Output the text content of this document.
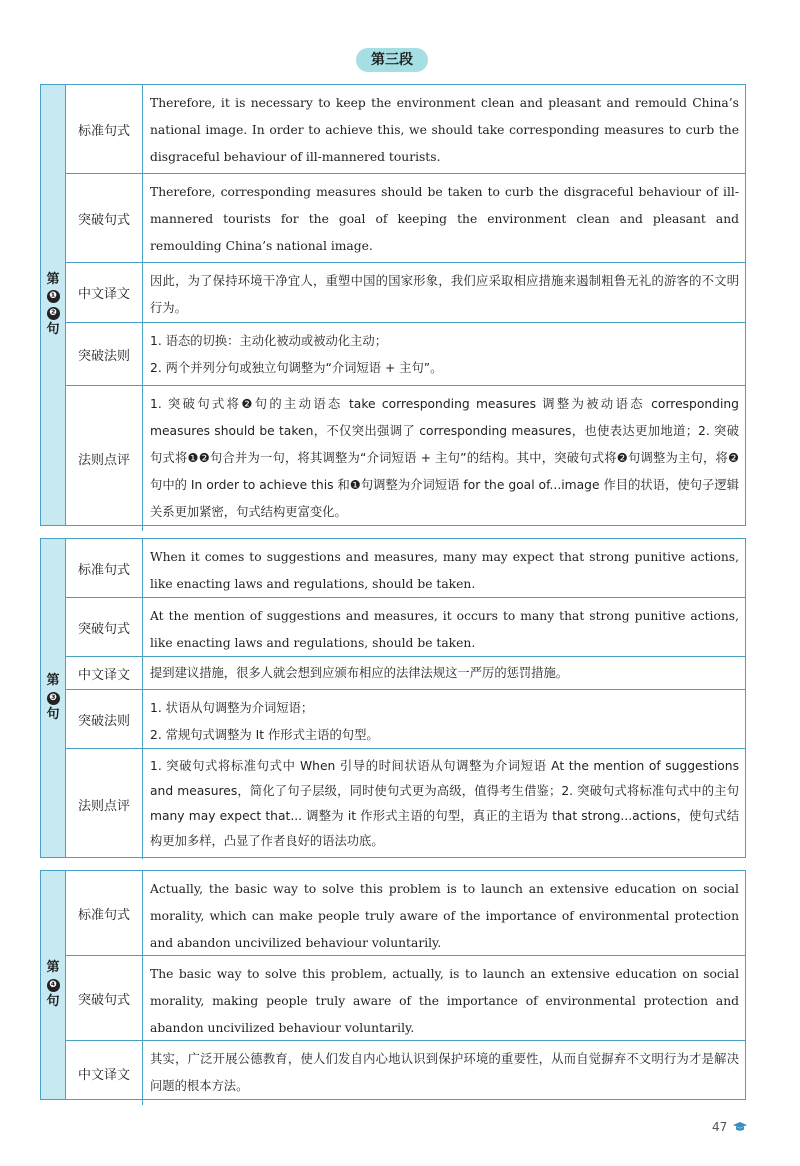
第三段
第
❶
❷
句
标准句式
Therefore, it is necessary to keep the environment clean and pleasant and remould China’s national image. In order to achieve this, we should take corresponding measures to curb the disgraceful behaviour of ill-mannered tourists.
突破句式
Therefore, corresponding measures should be taken to curb the disgraceful behaviour of ill-mannered tourists for the goal of keeping the environment clean and pleasant and remoulding China’s national image.
中文译文
因此，为了保持环境干净宜人，重塑中国的国家形象，我们应采取相应措施来遏制粗鲁无礼的游客的不文明行为。
突破法则
1. 语态的切换：主动化被动或被动化主动；
2. 两个并列分句或独立句调整为“介词短语 + 主句”。
法则点评
1. 突破句式将❷句的主动语态 take corresponding measures 调整为被动语态 corresponding measures should be taken，不仅突出强调了 corresponding measures，也使表达更加地道；2. 突破句式将❶❷句合并为一句，将其调整为“介词短语 + 主句”的结构。其中，突破句式将❷句调整为主句，将❷句中的 In order to achieve this 和❶句调整为介词短语 for the goal of...image 作目的状语，使句子逻辑关系更加紧密，句式结构更富变化。
第
❸
句
标准句式
When it comes to suggestions and measures, many may expect that strong punitive actions, like enacting laws and regulations, should be taken.
突破句式
At the mention of suggestions and measures, it occurs to many that strong punitive actions, like enacting laws and regulations, should be taken.
中文译文	提到建议措施，很多人就会想到应颁布相应的法律法规这一严厉的惩罚措施。
突破法则
1. 状语从句调整为介词短语；
2. 常规句式调整为 It 作形式主语的句型。
法则点评
1. 突破句式将标准句式中 When 引导的时间状语从句调整为介词短语 At the mention of suggestions and measures，简化了句子层级，同时使句式更为高级，值得考生借鉴；2. 突破句式将标准句式中的主句 many may expect that... 调整为 it 作形式主语的句型，真正的主语为 that strong...actions，使句式结构更加多样，凸显了作者良好的语法功底。
第
❹
句
标准句式
Actually, the basic way to solve this problem is to launch an extensive education on social morality, which can make people truly aware of the importance of environmental protection and abandon uncivilized behaviour voluntarily.
突破句式
The basic way to solve this problem, actually, is to launch an extensive education on social morality, making people truly aware of the importance of environmental protection and abandon uncivilized behaviour voluntarily.
中文译文
其实，广泛开展公德教育，使人们发自内心地认识到保护环境的重要性，从而自觉摒弃不文明行为才是解决问题的根本方法。
47
